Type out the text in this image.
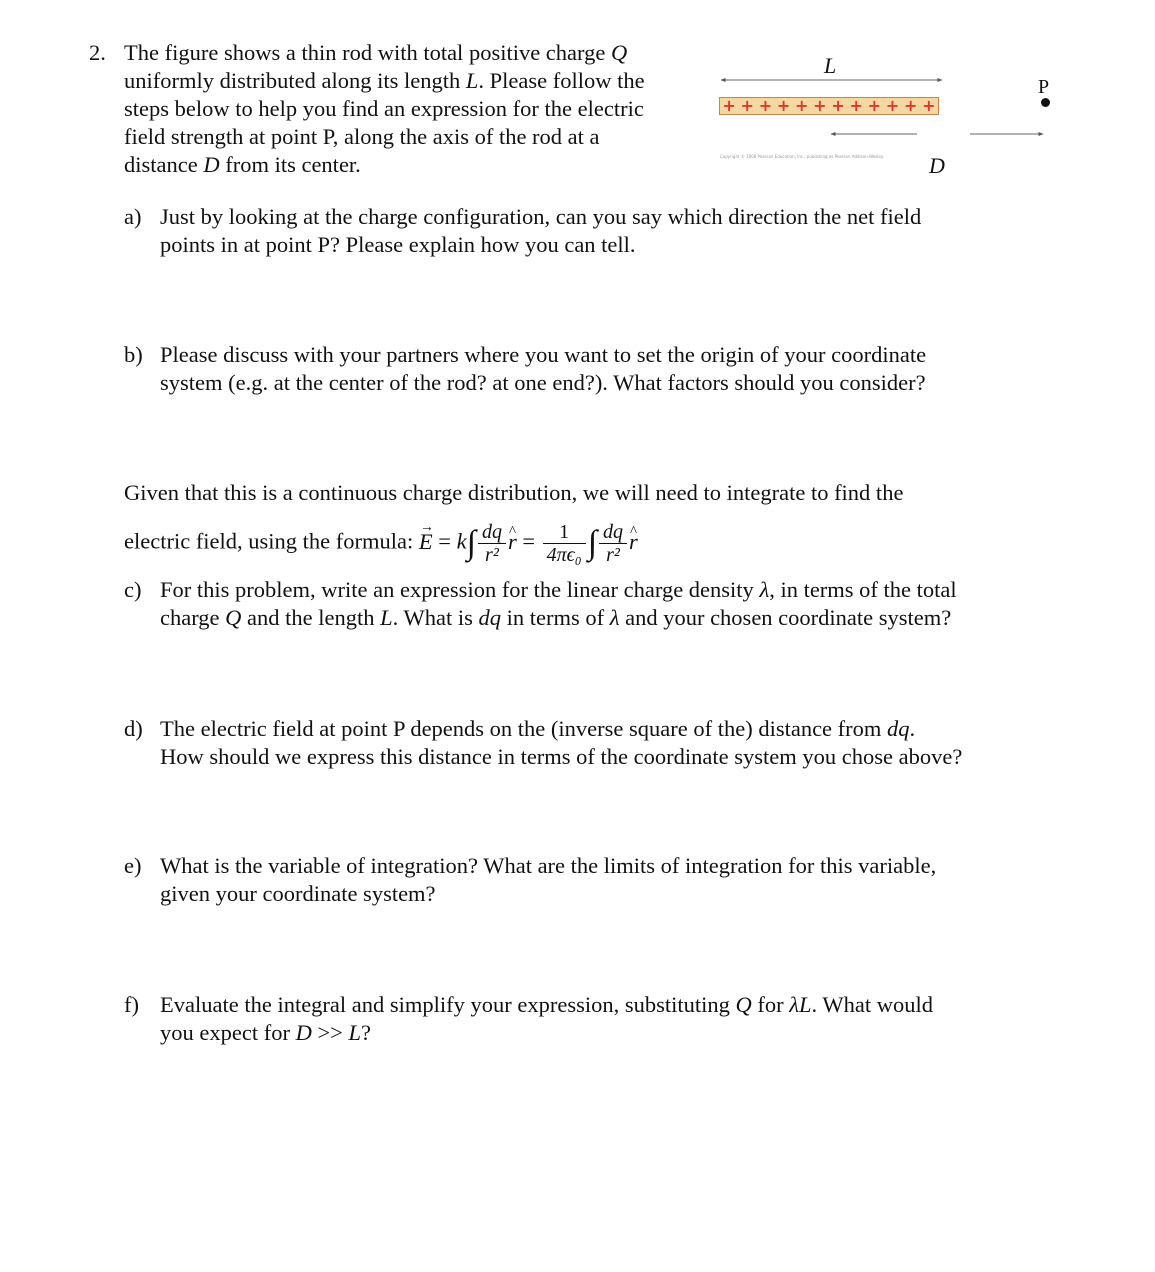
2. The figure shows a thin rod with total positive charge Q
uniformly distributed along its length L. Please follow the
steps below to help you find an expression for the electric
field strength at point P, along the axis of the rod at a
distance D from its center.
L
+ + + + + + + + + + + +
D
P
Copyright © 2008 Pearson Education, Inc., publishing as Pearson Addison-Wesley.
a) Just by looking at the charge configuration, can you say which direction the net field
points in at point P? Please explain how you can tell.
b) Please discuss with your partners where you want to set the origin of your coordinate
system (e.g. at the center of the rod? at one end?). What factors should you consider?
Given that this is a continuous charge distribution, we will need to integrate to find the
electric field, using the formula: → $E = k\int \frac{dq}{\text{r²}}$ ^ $r = \frac{1}{\text{4πϵ₀}}$ ∫ $\frac{dq}{\text{r²}}$ ^ r
c) For this problem, write an expression for the linear charge density λ, in terms of the total
charge Q and the length L. What is dq in terms of λ and your chosen coordinate system?
d) The electric field at point P depends on the (inverse square of the) distance from dq.
How should we express this distance in terms of the coordinate system you chose above?
e) What is the variable of integration? What are the limits of integration for this variable,
given your coordinate system?
f) Evaluate the integral and simplify your expression, substituting Q for λL. What would
you expect for D >> L?
